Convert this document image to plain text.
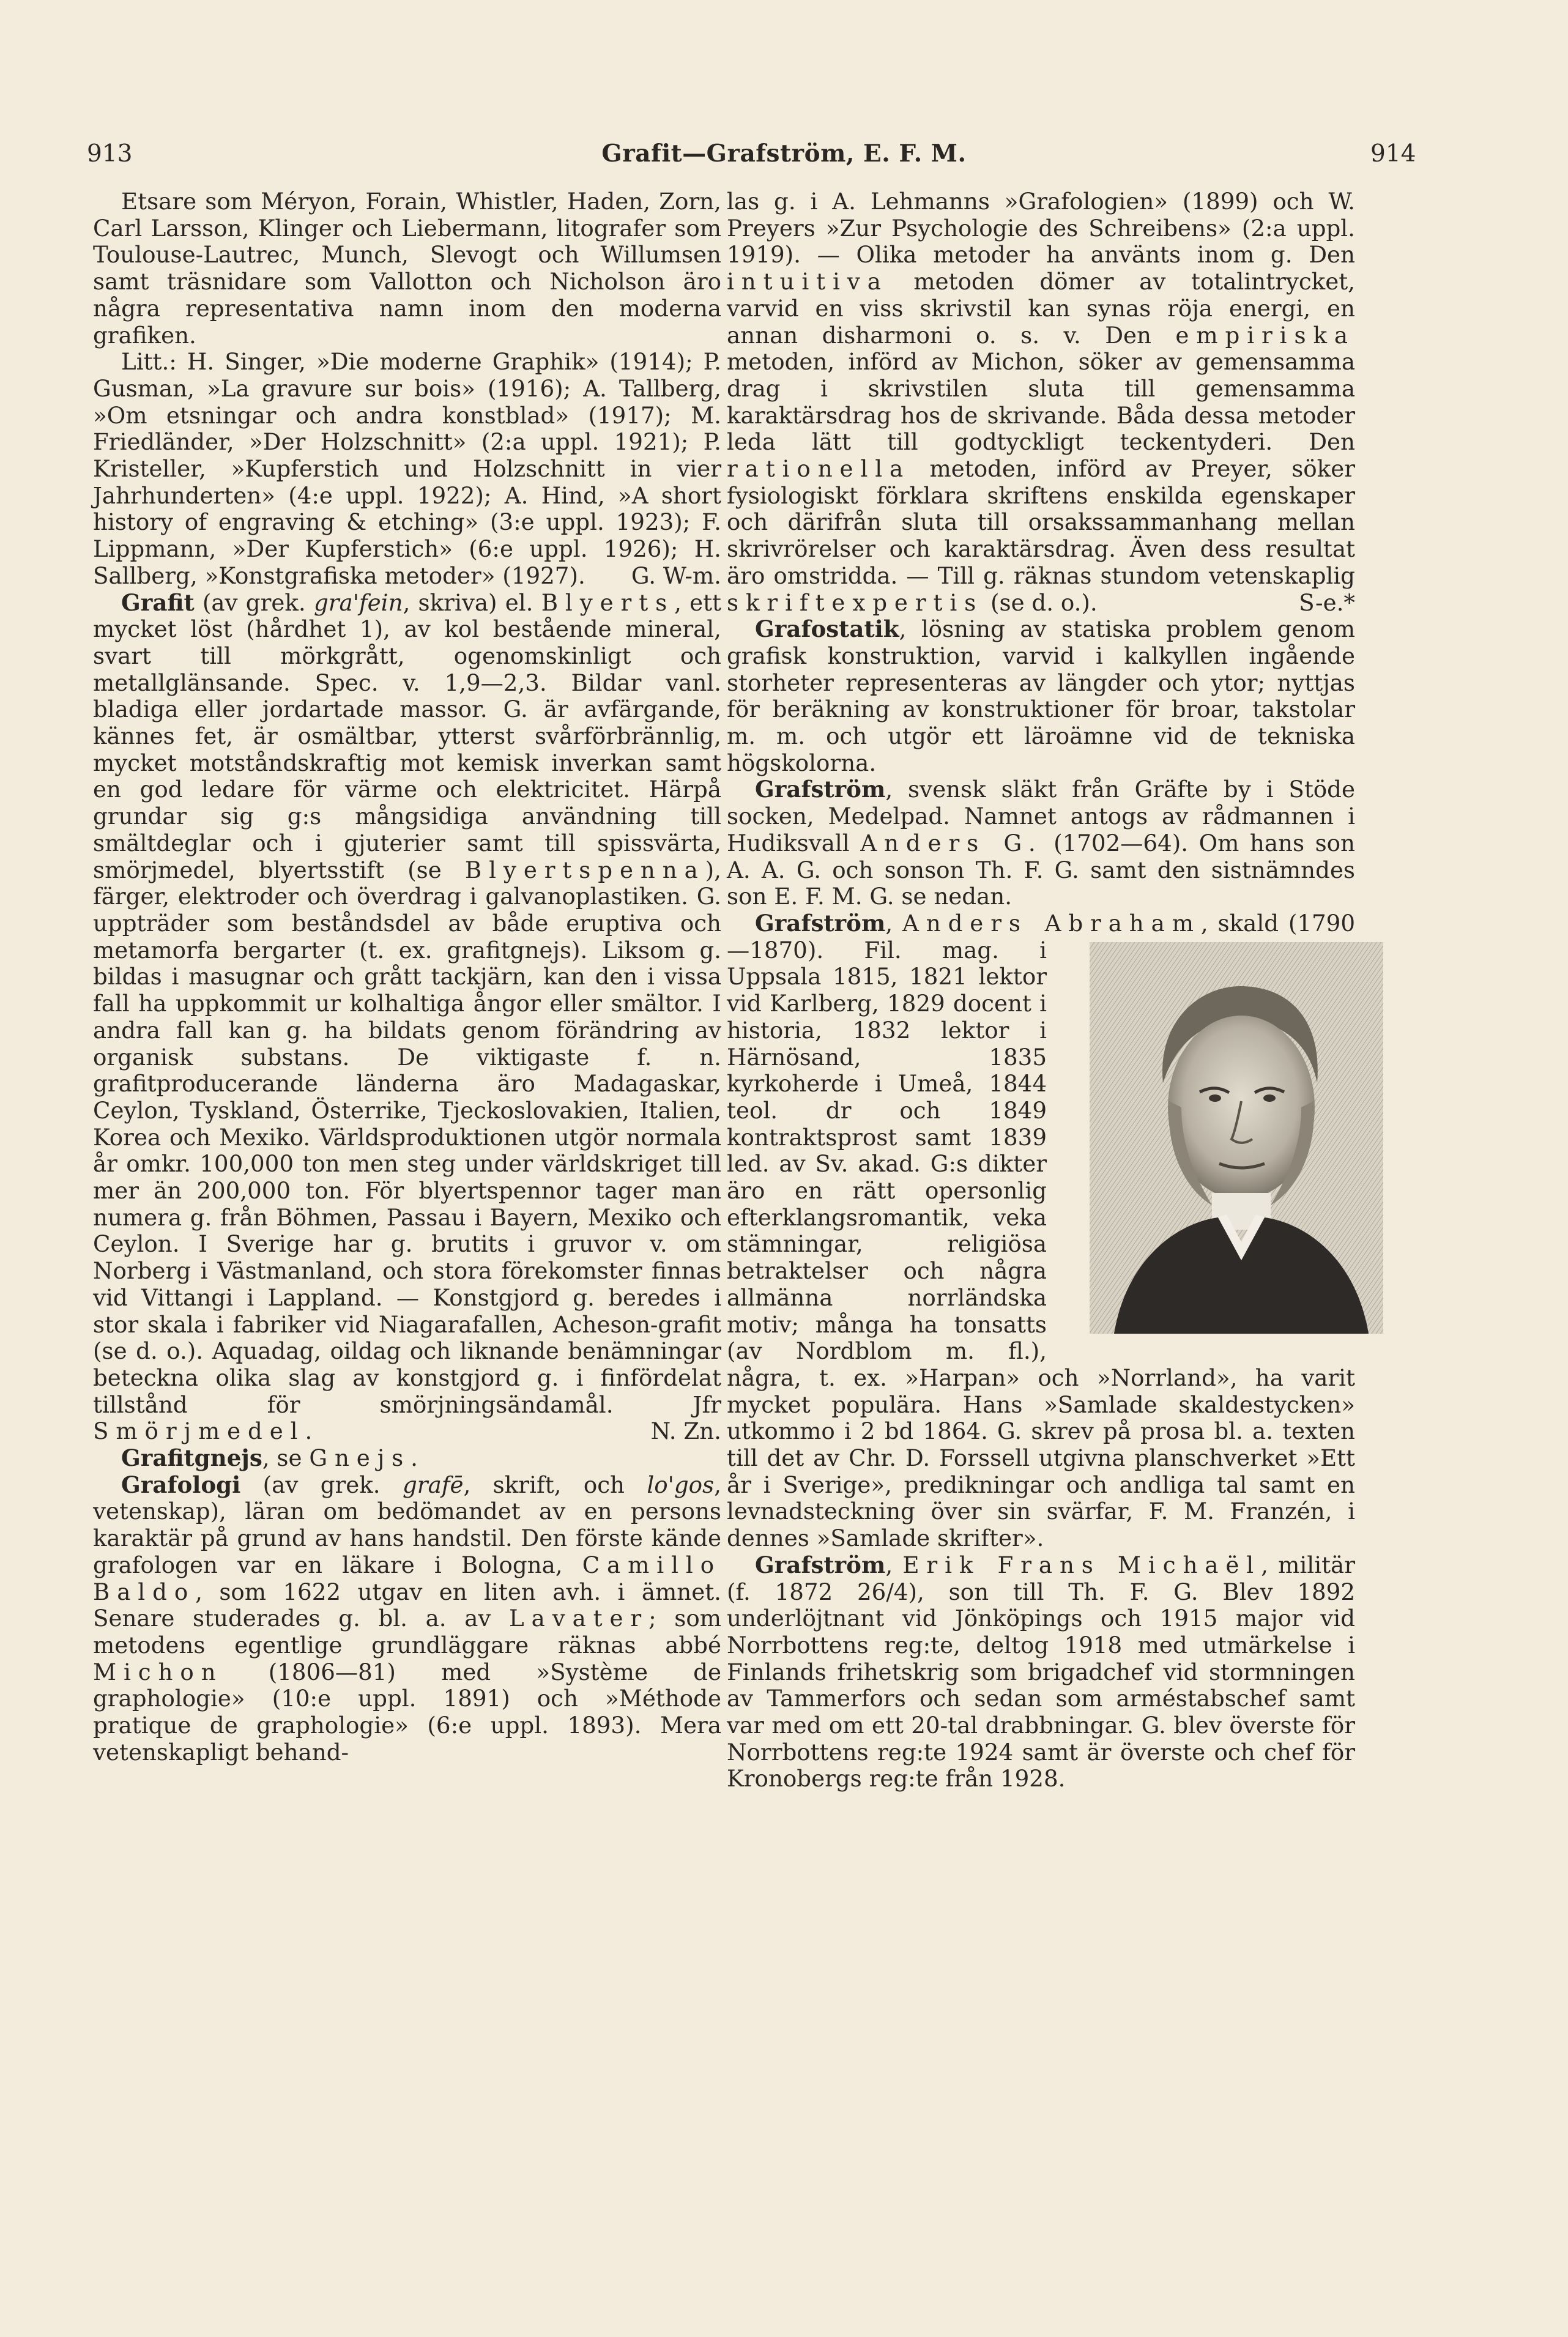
913	Grafit—Grafström, E. F. M.	914

Etsare som Méryon, Forain, Whistler, Haden, Zorn, Carl Larsson, Klinger och Liebermann, litografer som Toulouse-Lautrec, Munch, Slevogt och Willumsen samt träsnidare som Vallotton och Nicholson äro några representativa namn inom den moderna grafiken.

Litt.: H. Singer, »Die moderne Graphik» (1914); P. Gusman, »La gravure sur bois» (1916); A. Tallberg, »Om etsningar och andra konstblad» (1917); M. Friedländer, »Der Holzschnitt» (2:a uppl. 1921); P. Kristeller, »Kupferstich und Holzschnitt in vier Jahrhunderten» (4:e uppl. 1922); A. Hind, »A short history of engraving & etching» (3:e uppl. 1923); F. Lippmann, »Der Kupferstich» (6:e uppl. 1926); H. Sallberg, »Konstgrafiska metoder» (1927).	G. W-m.

Grafit (av grek. gra'fein, skriva) el. Blyerts, ett mycket löst (hårdhet 1), av kol bestående mineral, svart till mörkgrått, ogenomskinligt och metallglänsande. Spec. v. 1,9—2,3. Bildar vanl. bladiga eller jordartade massor. G. är avfärgande, kännes fet, är osmältbar, ytterst svårförbrännlig, mycket motståndskraftig mot kemisk inverkan samt en god ledare för värme och elektricitet. Härpå grundar sig g:s mångsidiga användning till smältdeglar och i gjuterier samt till spissvärta, smörjmedel, blyertsstift (se Blyertspenna), färger, elektroder och överdrag i galvanoplastiken. G. uppträder som beståndsdel av både eruptiva och metamorfa bergarter (t. ex. grafitgnejs). Liksom g. bildas i masugnar och grått tackjärn, kan den i vissa fall ha uppkommit ur kolhaltiga ångor eller smältor. I andra fall kan g. ha bildats genom förändring av organisk substans. De viktigaste f. n. grafitproducerande länderna äro Madagaskar, Ceylon, Tyskland, Österrike, Tjeckoslovakien, Italien, Korea och Mexiko. Världsproduktionen utgör normala år omkr. 100,000 ton men steg under världskriget till mer än 200,000 ton. För blyertspennor tager man numera g. från Böhmen, Passau i Bayern, Mexiko och Ceylon. I Sverige har g. brutits i gruvor v. om Norberg i Västmanland, och stora förekomster finnas vid Vittangi i Lappland. — Konstgjord g. beredes i stor skala i fabriker vid Niagarafallen, Acheson-grafit (se d. o.). Aquadag, oildag och liknande benämningar beteckna olika slag av konstgjord g. i finfördelat tillstånd för smörjningsändamål. Jfr Smörjmedel.	N. Zn.

Grafitgnejs, se Gnejs.

Grafologi (av grek. grafē, skrift, och lo'gos, vetenskap), läran om bedömandet av en persons karaktär på grund av hans handstil. Den förste kände grafologen var en läkare i Bologna, Camillo Baldo, som 1622 utgav en liten avh. i ämnet. Senare studerades g. bl. a. av Lavater; som metodens egentlige grundläggare räknas abbé Michon (1806—81) med »Système de graphologie» (10:e uppl. 1891) och »Méthode pratique de graphologie» (6:e uppl. 1893). Mera vetenskapligt behand-

las g. i A. Lehmanns »Grafologien» (1899) och W. Preyers »Zur Psychologie des Schreibens» (2:a uppl. 1919). — Olika metoder ha använts inom g. Den intuitiva metoden dömer av totalintrycket, varvid en viss skrivstil kan synas röja energi, en annan disharmoni o. s. v. Den empiriska metoden, införd av Michon, söker av gemensamma drag i skrivstilen sluta till gemensamma karaktärsdrag hos de skrivande. Båda dessa metoder leda lätt till godtyckligt teckentyderi. Den rationella metoden, införd av Preyer, söker fysiologiskt förklara skriftens enskilda egenskaper och därifrån sluta till orsakssammanhang mellan skrivrörelser och karaktärsdrag. Även dess resultat äro omstridda. — Till g. räknas stundom vetenskaplig skriftexpertis (se d. o.).	S-e.*

Grafostatik, lösning av statiska problem genom grafisk konstruktion, varvid i kalkyllen ingående storheter representeras av längder och ytor; nyttjas för beräkning av konstruktioner för broar, takstolar m. m. och utgör ett läroämne vid de tekniska högskolorna.

Grafström, svensk släkt från Gräfte by i Stöde socken, Medelpad. Namnet antogs av rådmannen i Hudiksvall Anders G. (1702—64). Om hans son A. A. G. och sonson Th. F. G. samt den sistnämndes son E. F. M. G. se nedan.

Grafström, Anders Abraham
, skald (1790—1870). Fil. mag. i Uppsala 1815, 1821 lektor vid Karlberg, 1829 docent i historia, 1832 lektor i Härnösand, 1835 kyrkoherde i Umeå, 1844 teol. dr och 1849 kontraktsprost samt 1839 led. av Sv. akad. G:s dikter äro en rätt opersonlig efterklangsromantik, veka stämningar, religiösa betraktelser och några allmänna norrländska motiv; många ha tonsatts (av Nordblom m. fl.), några, t. ex. »Harpan» och »Norrland», ha varit mycket populära. Hans »Samlade skaldestycken» utkommo i 2 bd 1864. G. skrev på prosa bl. a. texten till det av Chr. D. Forssell utgivna planschverket »Ett år i Sverige», predikningar och andliga tal samt en levnadsteckning över sin svärfar, F. M. Franzén, i dennes »Samlade skrifter».

Grafström, Erik Frans Michaël, militär (f. 1872 26/4), son till Th. F. G. Blev 1892 underlöjtnant vid Jönköpings och 1915 major vid Norrbottens reg:te, deltog 1918 med utmärkelse i Finlands frihetskrig som brigadchef vid stormningen av Tammerfors och sedan som arméstabschef samt var med om ett 20-tal drabbningar. G. blev överste för Norrbottens reg:te 1924 samt är överste och chef för Kronobergs reg:te från 1928.
